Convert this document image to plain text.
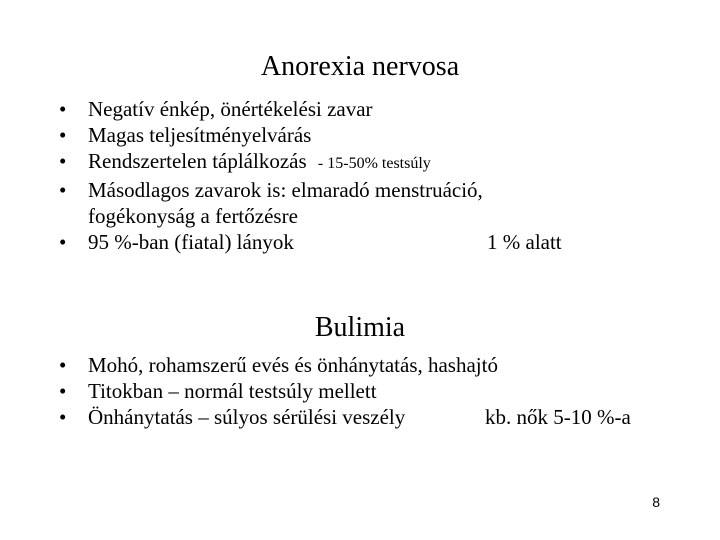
Anorexia nervosa
• Negatív énkép, önértékelési zavar
• Magas teljesítményelvárás
• Rendszertelen táplálkozás - 15-50% testsúly
• Másodlagos zavarok is: elmaradó menstruáció,
fogékonyság a fertőzésre
• 95 %-ban (fiatal) lányok	1 % alatt
Bulimia
• Mohó, rohamszerű evés és önhánytatás, hashajtó
• Titokban – normál testsúly mellett
• Önhánytatás – súlyos sérülési veszély	kb. nők 5-10 %-a
8
